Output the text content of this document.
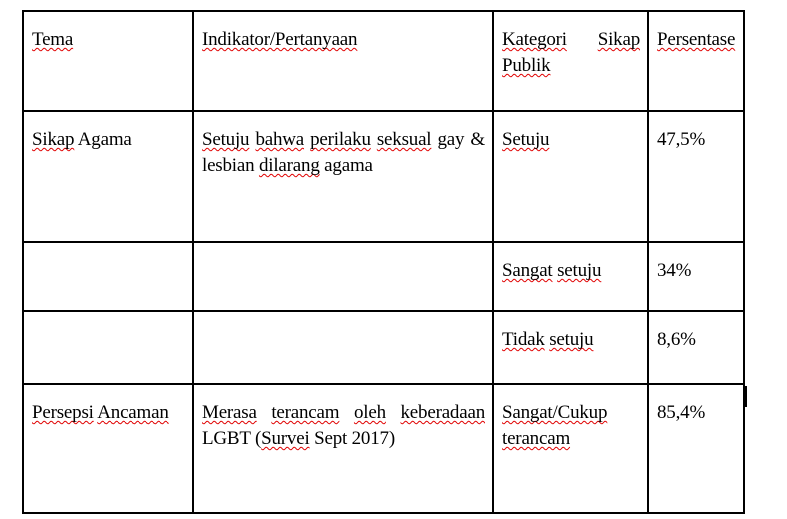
Tema	Indikator/Pertanyaan	Kategori Sikap Publik	Persentase
Sikap Agama	Setuju bahwa perilaku seksual gay & lesbian dilarang agama	Setuju	47,5%
		Sangat setuju	34%
		Tidak setuju	8,6%
Persepsi Ancaman	Merasa terancam oleh keberadaan LGBT (Survei Sept 2017)	Sangat/Cukup terancam	85,4%
